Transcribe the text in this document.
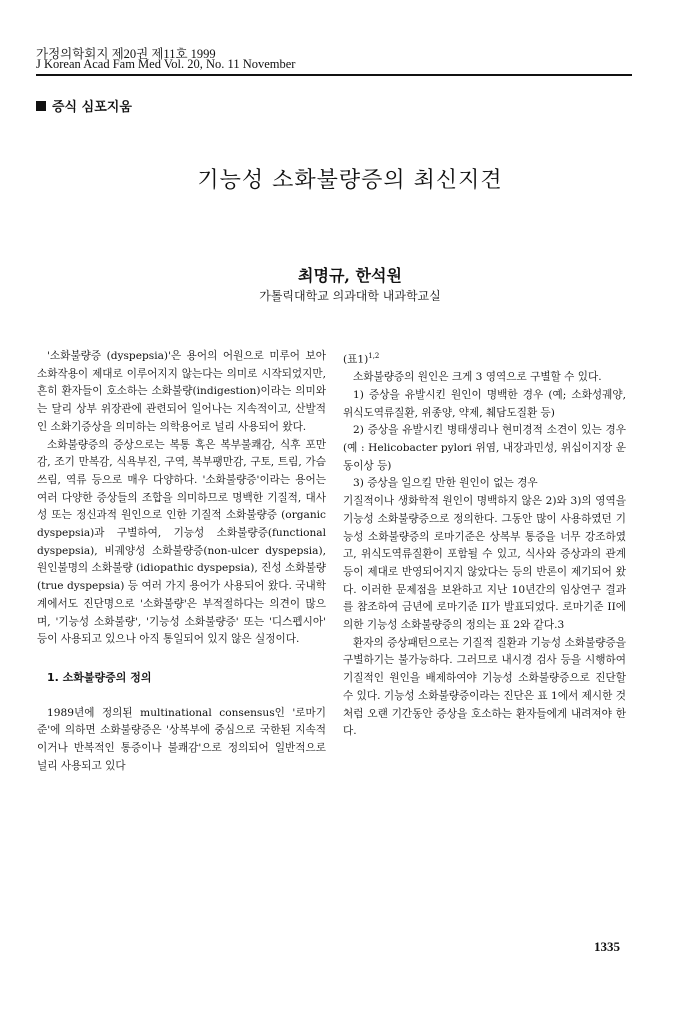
가정의학회지 제20권 제11호 1999
J Korean Acad Fam Med Vol. 20, No. 11 November
증식 심포지움
기능성 소화불량증의 최신지견
최명규, 한석원
가톨릭대학교 의과대학 내과학교실

'소화불량증 (dyspepsia)'은 용어의 어원으로 미루어 보아 소화작용이 제대로 이루어지지 않는다는 의미로 시작되었지만, 흔히 환자들이 호소하는 소화불량(indigestion)이라는 의미와는 달리 상부 위장관에 관련되어 일어나는 지속적이고, 산발적인 소화기증상을 의미하는 의학용어로 널리 사용되어 왔다.

소화불량증의 증상으로는 복통 혹은 복부불쾌감, 식후 포만감, 조기 만복감, 식욕부진, 구역, 복부팽만감, 구토, 트림, 가슴쓰림, 역류 등으로 매우 다양하다. '소화불량증'이라는 용어는 여러 다양한 증상들의 조합을 의미하므로 명백한 기질적, 대사성 또는 정신과적 원인으로 인한 기질적 소화불량증 (organic dyspepsia)과 구별하여, 기능성 소화불량증(functional dyspepsia), 비궤양성 소화불량증(non-ulcer dyspepsia), 원인불명의 소화불량 (idiopathic dyspepsia), 진성 소화불량 (true dyspepsia) 등 여러 가지 용어가 사용되어 왔다. 국내학계에서도 진단명으로 '소화불량'은 부적절하다는 의견이 많으며, '기능성 소화불량', '기능성 소화불량증' 또는 '디스펩시아' 등이 사용되고 있으나 아직 통일되어 있지 않은 실정이다.

1. 소화불량증의 정의

1989년에 정의된 multinational consensus인 '로마기준'에 의하면 소화불량증은 '상복부에 중심으로 국한된 지속적이거나 반복적인 통증이나 불쾌감'으로 정의되어 일반적으로 널리 사용되고 있다

(표1)$^{1,2}$

소화불량증의 원인은 크게 3 영역으로 구별할 수 있다.

1) 증상을 유발시킨 원인이 명백한 경우 (예; 소화성궤양, 위식도역류질환, 위종양, 약제, 췌담도질환 등)

2) 증상을 유발시킨 병태생리나 현미경적 소견이 있는 경우 (예 : Helicobacter pylori 위염, 내장과민성, 위십이지장 운동이상 등)

3) 증상을 일으킬 만한 원인이 없는 경우

기질적이나 생화학적 원인이 명백하지 않은 2)와 3)의 영역을 기능성 소화불량증으로 정의한다. 그동안 많이 사용하였던 기능성 소화불량증의 로마기준은 상복부 통증을 너무 강조하였고, 위식도역류질환이 포함될 수 있고, 식사와 증상과의 관계 등이 제대로 반영되어지지 않았다는 등의 반론이 제기되어 왔다. 이러한 문제점을 보완하고 지난 10년간의 임상연구 결과를 참조하여 금년에 로마기준 II가 발표되었다. 로마기준 II에 의한 기능성 소화불량증의 정의는 표 2와 같다.3

환자의 증상패턴으로는 기질적 질환과 기능성 소화불량증을 구별하기는 불가능하다. 그러므로 내시경 검사 등을 시행하여 기질적인 원인을 배제하여야 기능성 소화불량증으로 진단할 수 있다. 기능성 소화불량증이라는 진단은 표 1에서 제시한 것처럼 오랜 기간동안 증상을 호소하는 환자들에게 내려져야 한다.

1335
